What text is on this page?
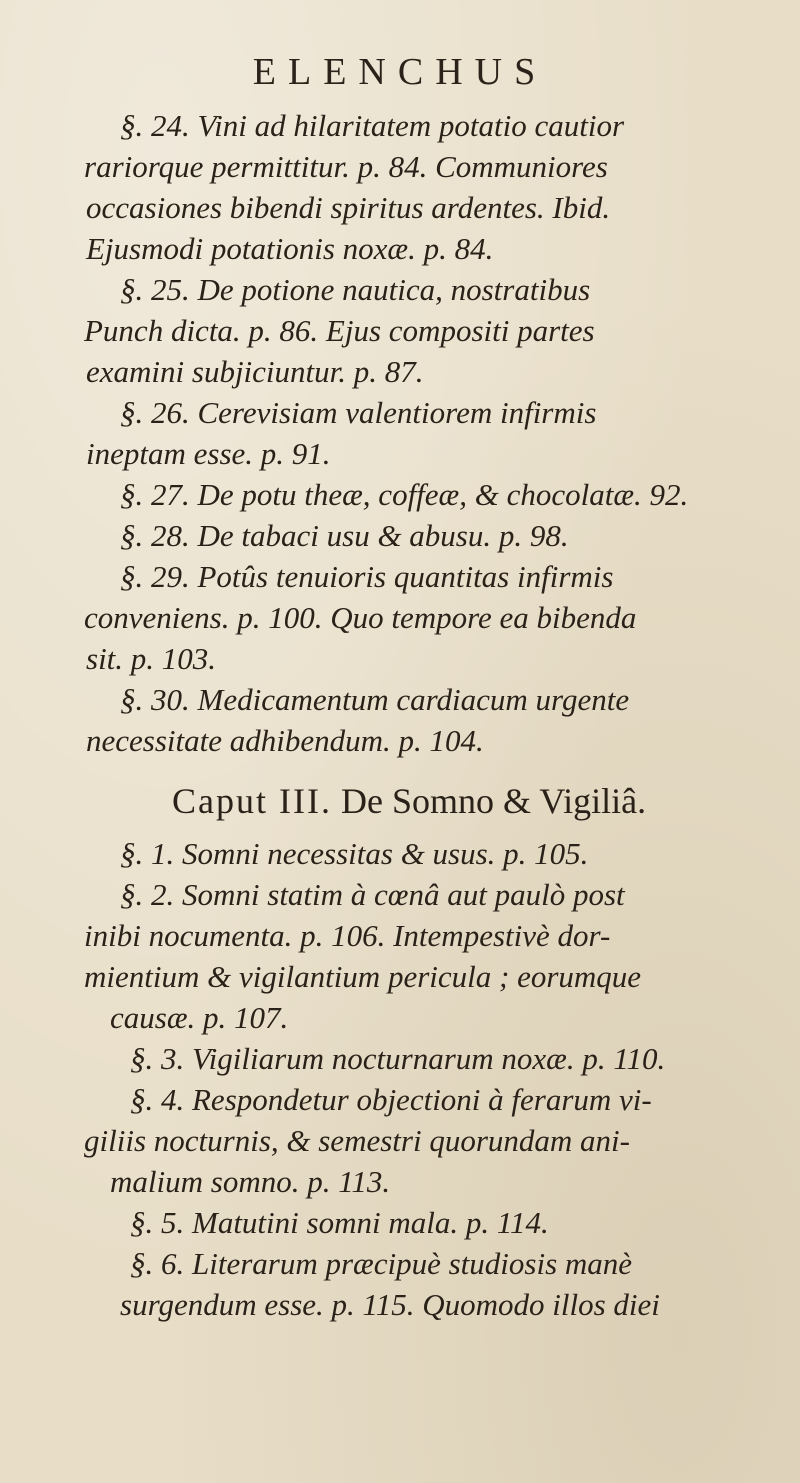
ELENCHUS
Caput III. De Somno & Vigiliâ.
§. 24. Vini ad hilaritatem potatio cautior
rariorque permittitur. p. 84. Communiores
occasiones bibendi spiritus ardentes. Ibid.
Ejusmodi potationis noxæ. p. 84.
§. 25. De potione nautica, nostratibus
Punch dicta. p. 86. Ejus compositi partes
examini subjiciuntur. p. 87.
§. 26. Cerevisiam valentiorem infirmis
ineptam esse. p. 91.
§. 27. De potu theæ, coffeæ, & chocolatæ. 92.
§. 28. De tabaci usu & abusu. p. 98.
§. 29. Potûs tenuioris quantitas infirmis
conveniens. p. 100. Quo tempore ea bibenda
sit. p. 103.
§. 30. Medicamentum cardiacum urgente
necessitate adhibendum. p. 104.
§. 1. Somni necessitas & usus. p. 105.
§. 2. Somni statim à cœnâ aut paulò post
inibi nocumenta. p. 106. Intempestivè dor-
mientium & vigilantium pericula ; eorumque
causæ. p. 107.
§. 3. Vigiliarum nocturnarum noxæ. p. 110.
§. 4. Respondetur objectioni à ferarum vi-
giliis nocturnis, & semestri quorundam ani-
malium somno. p. 113.
§. 5. Matutini somni mala. p. 114.
§. 6. Literarum præcipuè studiosis manè
surgendum esse. p. 115. Quomodo illos diei
